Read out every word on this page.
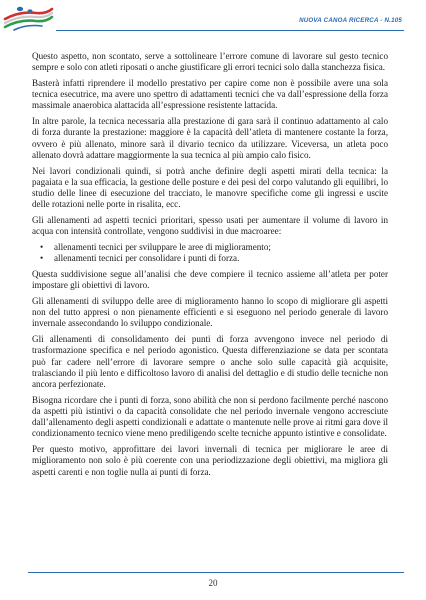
NUOVA CANOA RICERCA - N.105

Questo aspetto, non scontato, serve a sottolineare l’errore comune di lavorare sul gesto tecnico sempre e solo con atleti riposati o anche giustificare gli errori tecnici solo dalla stanchezza fisica.

Basterà infatti riprendere il modello prestativo per capire come non è possibile avere una sola tecnica esecutrice, ma avere uno spettro di adattamenti tecnici che va dall’espressione della forza massimale anaerobica alattacida all’espressione resistente lattacida.

In altre parole, la tecnica necessaria alla prestazione di gara sarà il continuo adattamento al calo di forza durante la prestazione: maggiore è la capacità dell’atleta di mantenere costante la forza, ovvero è più allenato, minore sarà il divario tecnico da utilizzare. Viceversa, un atleta poco allenato dovrà adattare maggiormente la sua tecnica al più ampio calo fisico.

Nei lavori condizionali quindi, si potrà anche definire degli aspetti mirati della tecnica: la pagaiata e la sua efficacia, la gestione delle posture e dei pesi del corpo valutando gli equilibri, lo studio delle linee di esecuzione del tracciato, le manovre specifiche come gli ingressi e uscite delle rotazioni nelle porte in risalita, ecc.

Gli allenamenti ad aspetti tecnici prioritari, spesso usati per aumentare il volume di lavoro in acqua con intensità controllate, vengono suddivisi in due macroaree:

• allenamenti tecnici per sviluppare le aree di miglioramento;
• allenamenti tecnici per consolidare i punti di forza.

Questa suddivisione segue all’analisi che deve compiere il tecnico assieme all’atleta per poter impostare gli obiettivi di lavoro.

Gli allenamenti di sviluppo delle aree di miglioramento hanno lo scopo di migliorare gli aspetti non del tutto appresi o non pienamente efficienti e si eseguono nel periodo generale di lavoro invernale assecondando lo sviluppo condizionale.

Gli allenamenti di consolidamento dei punti di forza avvengono invece nel periodo di trasformazione specifica e nel periodo agonistico. Questa differenziazione se data per scontata può far cadere nell’errore di lavorare sempre o anche solo sulle capacità già acquisite, tralasciando il più lento e difficoltoso lavoro di analisi del dettaglio e di studio delle tecniche non ancora perfezionate.

Bisogna ricordare che i punti di forza, sono abilità che non si perdono facilmente perché nascono da aspetti più istintivi o da capacità consolidate che nel periodo invernale vengono accresciute dall’allenamento degli aspetti condizionali e adattate o mantenute nelle prove ai ritmi gara dove il condizionamento tecnico viene meno prediligendo scelte tecniche appunto istintive e consolidate.

Per questo motivo, approfittare dei lavori invernali di tecnica per migliorare le aree di miglioramento non solo è più coerente con una periodizzazione degli obiettivi, ma migliora gli aspetti carenti e non toglie nulla ai punti di forza.

20
